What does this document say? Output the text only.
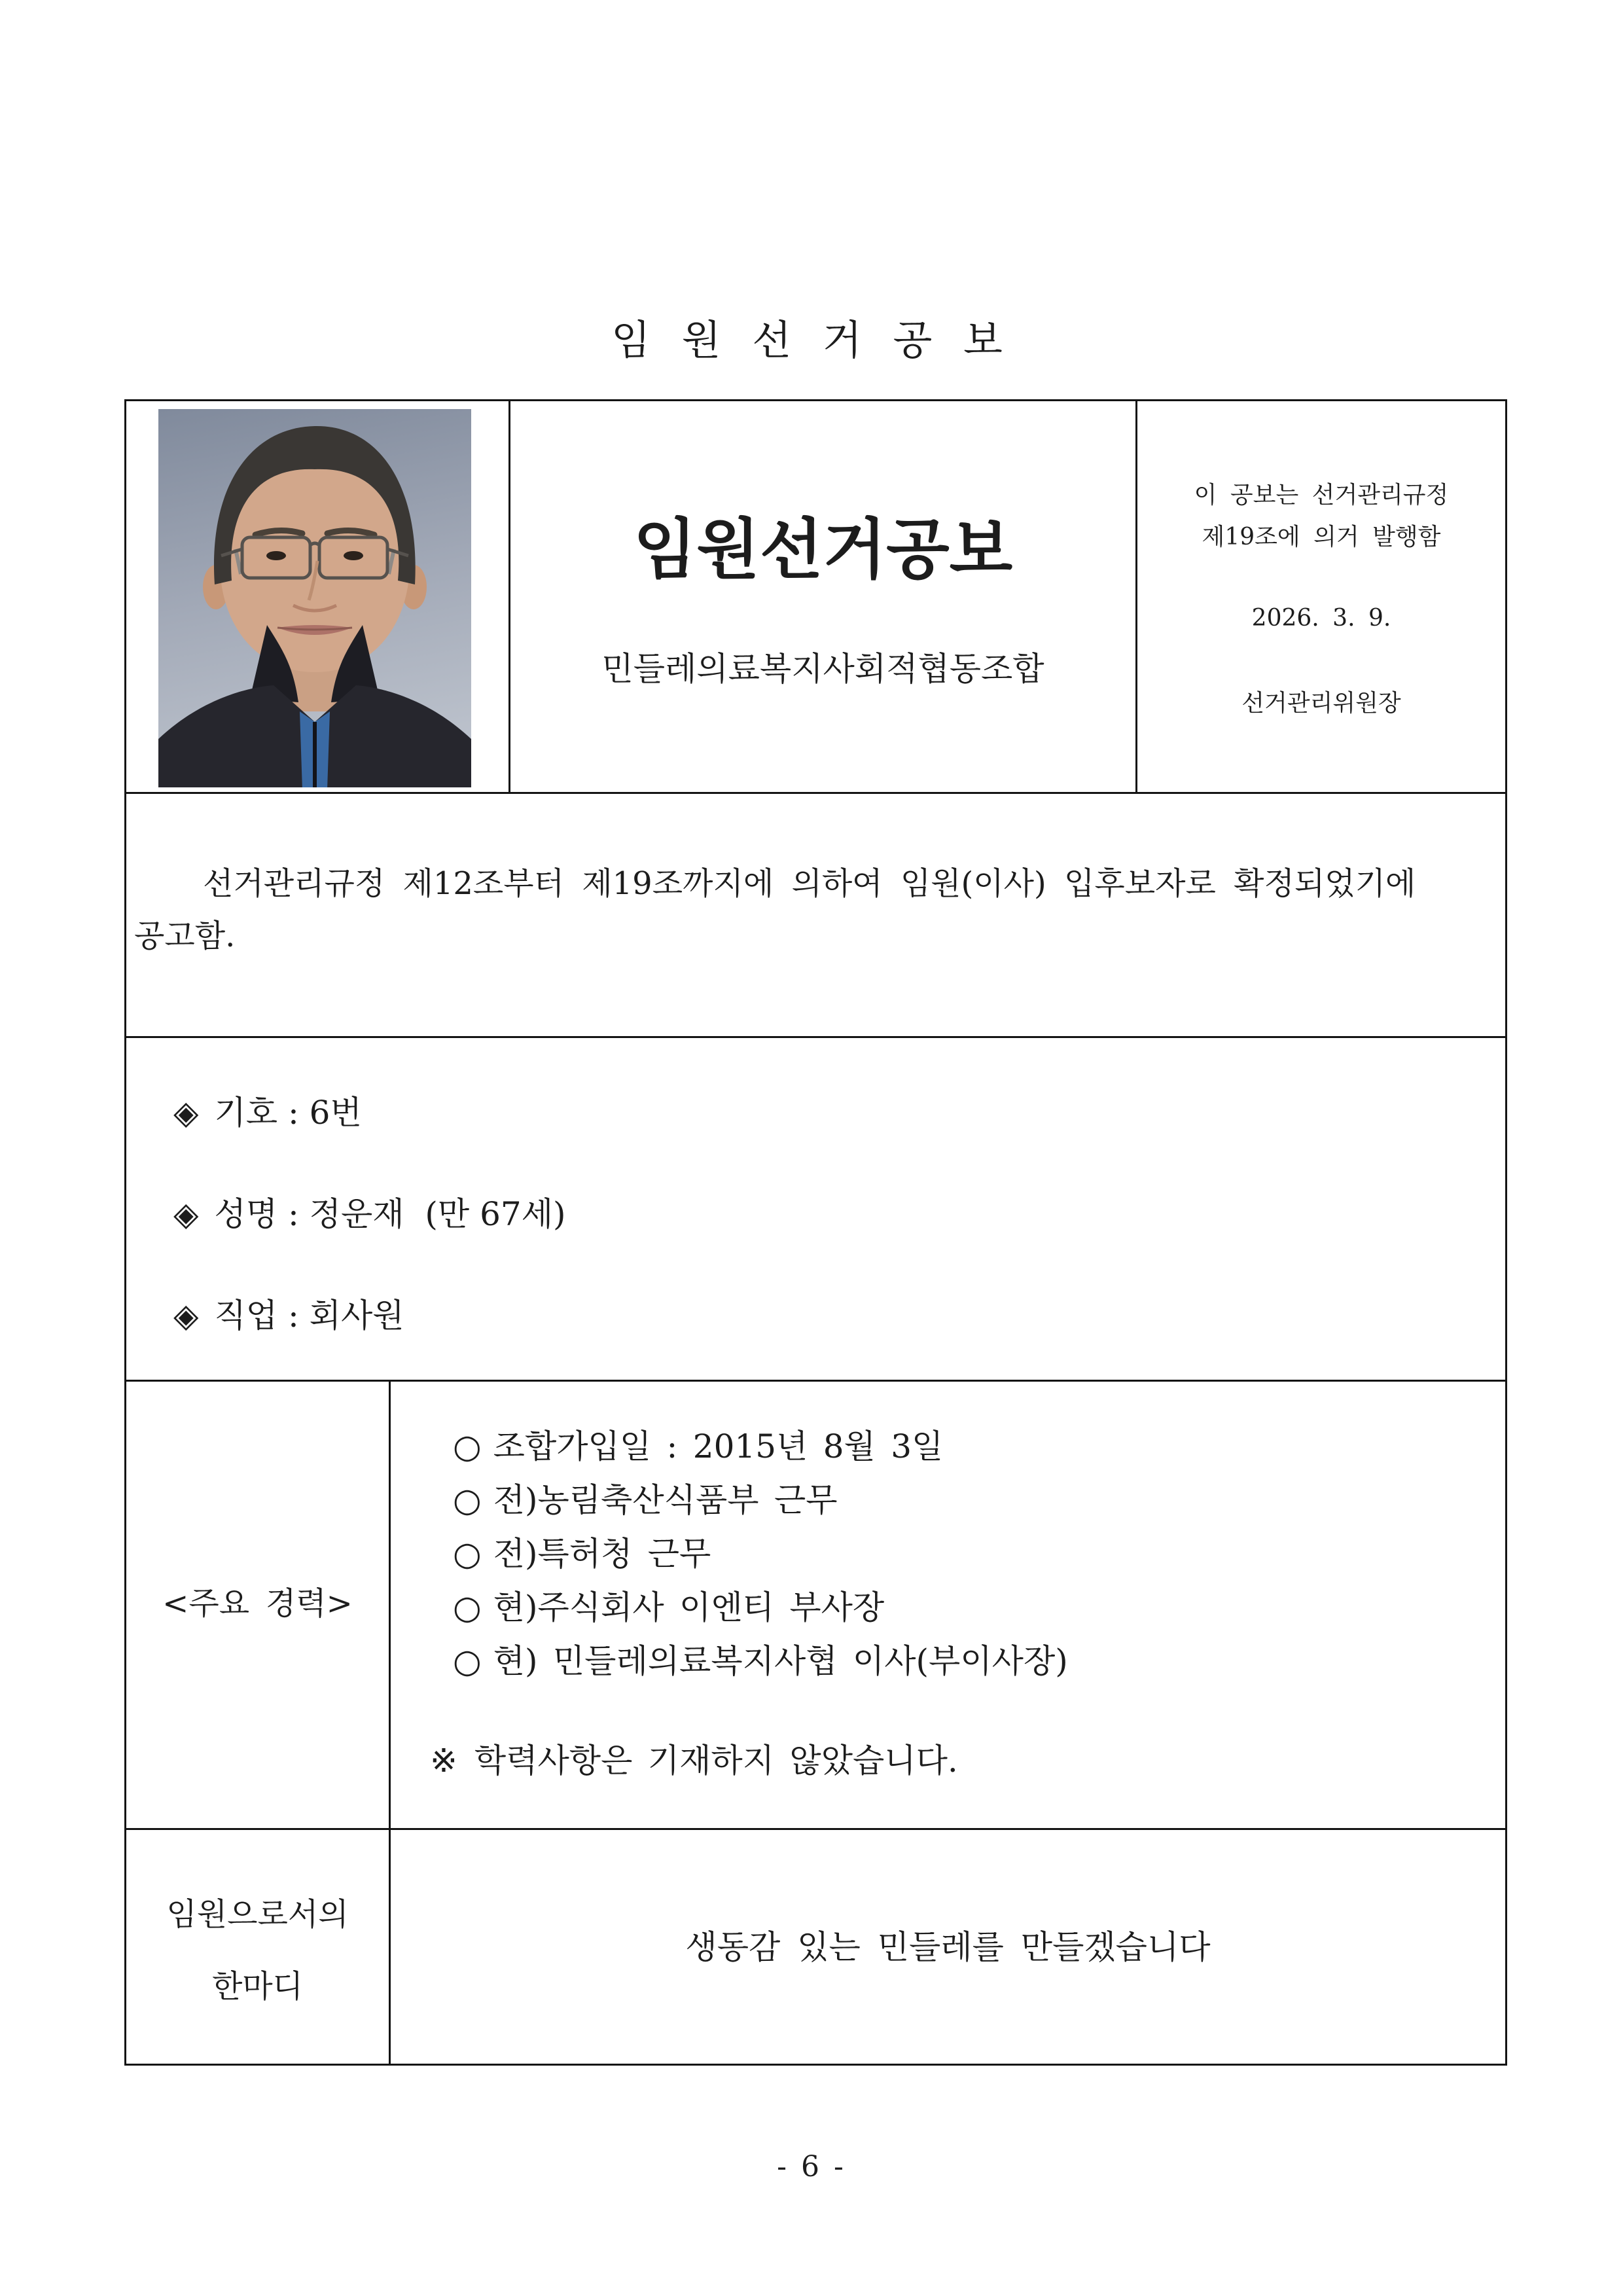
임 원 선 거 공 보
임원선거공보
민들레의료복지사회적협동조합
이 공보는 선거관리규정
제19조에 의거 발행함
2026. 3. 9.
선거관리위원장
선거관리규정 제12조부터 제19조까지에 의하여 임원(이사) 입후보자로 확정되었기에
공고함.
◈ 기호 : 6번
◈ 성명 : 정운재  (만 67세)
◈ 직업 : 회사원
<주요 경력>
○ 조합가입일 : 2015년 8월 3일
○ 전)농림축산식품부 근무
○ 전)특허청 근무
○ 현)주식회사 이엔티 부사장
○ 현) 민들레의료복지사협 이사(부이사장)
※ 학력사항은 기재하지 않았습니다.
임원으로서의
한마디
생동감 있는 민들레를 만들겠습니다
- 6 -
